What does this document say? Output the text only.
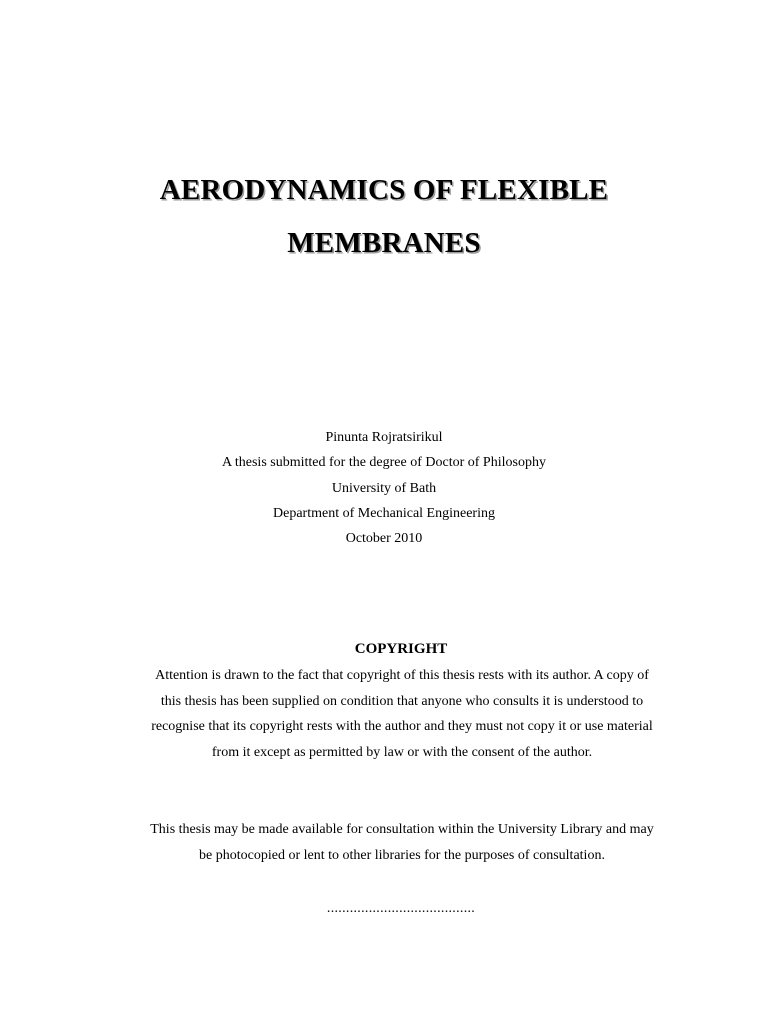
AERODYNAMICS OF FLEXIBLE
MEMBRANES
Pinunta Rojratsirikul
A thesis submitted for the degree of Doctor of Philosophy
University of Bath
Department of Mechanical Engineering
October 2010
COPYRIGHT
Attention is drawn to the fact that copyright of this thesis rests with its author. A copy of this thesis has been supplied on condition that anyone who consults it is understood to recognise that its copyright rests with the author and they must not copy it or use material from it except as permitted by law or with the consent of the author.
This thesis may be made available for consultation within the University Library and may be photocopied or lent to other libraries for the purposes of consultation.
.......................................
